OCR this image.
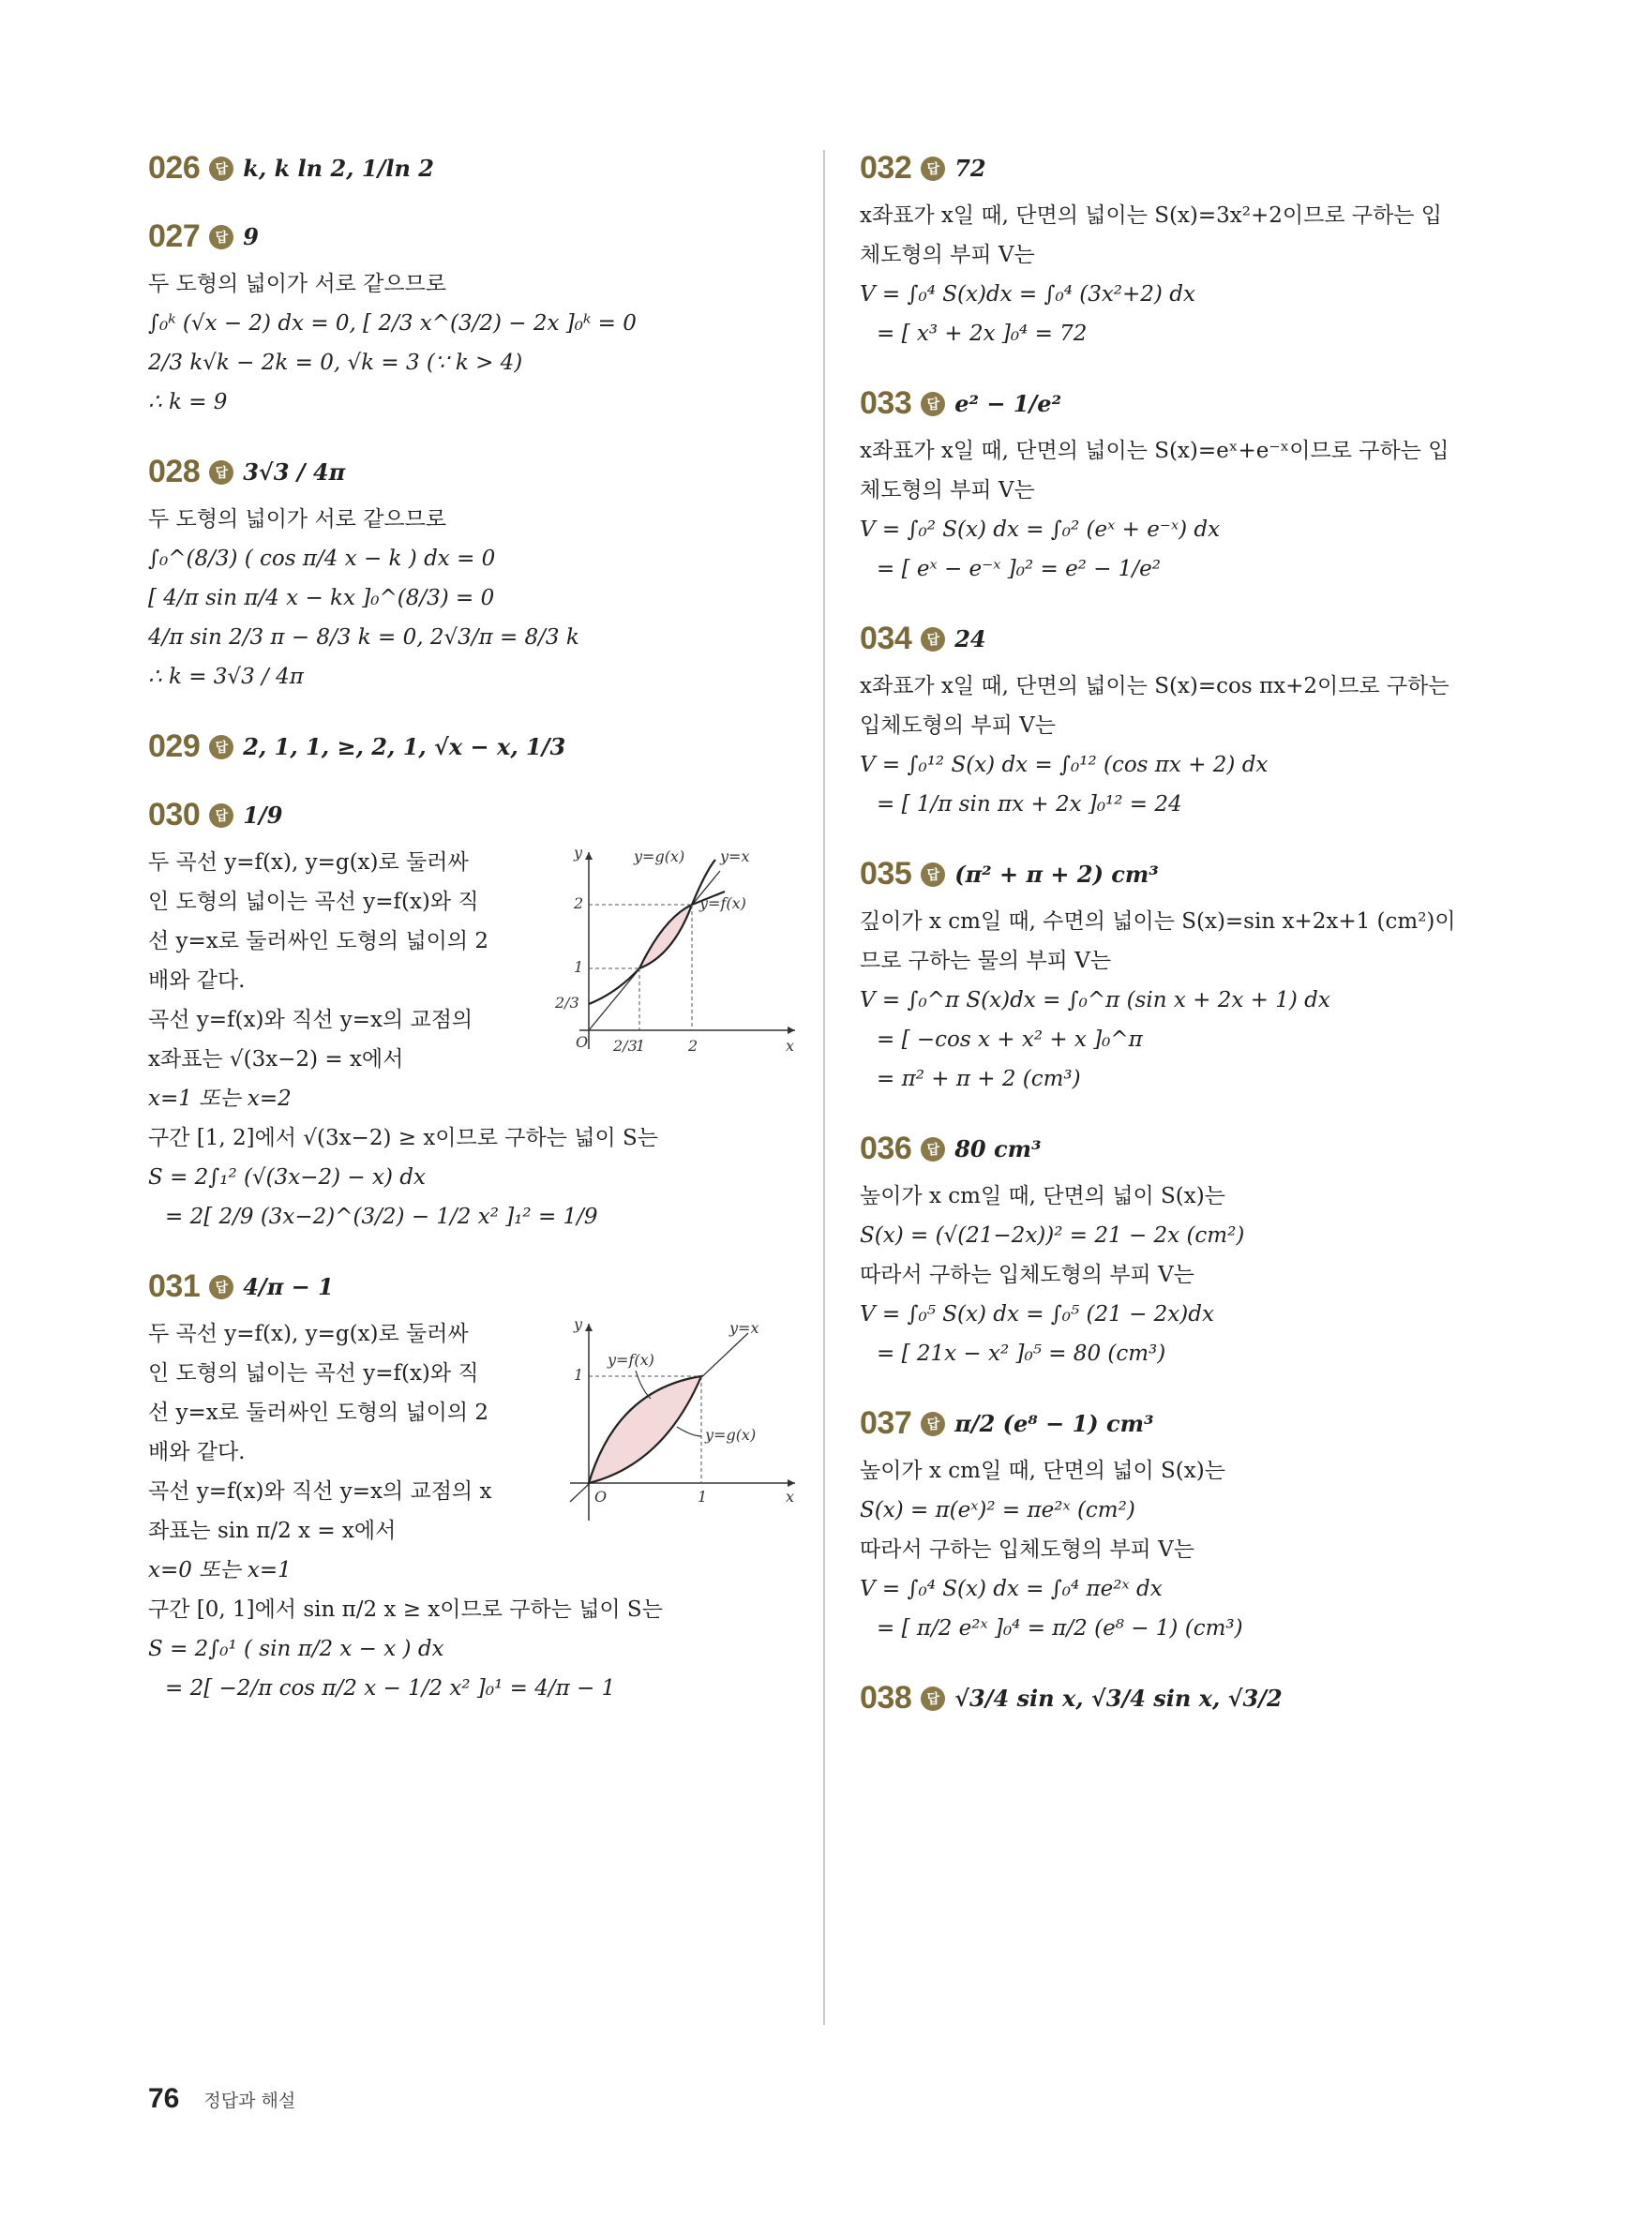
026	답 k, k ln 2, 1/ln 2
027	답 9
두 도형의 넓이가 서로 같으므로
∫₀ᵏ (√x − 2) dx = 0, [ 2/3 x^(3/2) − 2x ]₀ᵏ = 0
2/3 k√k − 2k = 0, √k = 3 (∵ k > 4)
∴ k = 9
028	답 3√3 / 4π
두 도형의 넓이가 서로 같으므로
∫₀^(8/3) ( cos π/4 x − k ) dx = 0
[ 4/π sin π/4 x − kx ]₀^(8/3) = 0
4/π sin 2/3 π − 8/3 k = 0, 2√3/π = 8/3 k
∴ k = 3√3 / 4π
029	답 2, 1, 1, ≥, 2, 1, √x − x, 1/3
030	답 1/9
두 곡선 y=f(x), y=g(x)로 둘러싸
인 도형의 넓이는 곡선 y=f(x)와 직
선 y=x로 둘러싸인 도형의 넓이의 2
배와 같다.
곡선 y=f(x)와 직선 y=x의 교점의
x좌표는 √(3x−2) = x에서
y
x
O
y=g(x) y=x
y=f(x)
2
1
2/3
2/3
1	2
x=1 또는 x=2
구간 [1, 2]에서 √(3x−2) ≥ x이므로 구하는 넓이 S는
S = 2∫₁² (√(3x−2) − x) dx
= 2[ 2/9 (3x−2)^(3/2) − 1/2 x² ]₁² = 1/9
031	답 4/π − 1
두 곡선 y=f(x), y=g(x)로 둘러싸
인 도형의 넓이는 곡선 y=f(x)와 직
선 y=x로 둘러싸인 도형의 넓이의 2
배와 같다.
곡선 y=f(x)와 직선 y=x의 교점의 x
좌표는 sin π/2 x = x에서
y
x
O
y=x
y=f(x)
y=g(x)
1
1
x=0 또는 x=1
구간 [0, 1]에서 sin π/2 x ≥ x이므로 구하는 넓이 S는
S = 2∫₀¹ ( sin π/2 x − x ) dx
= 2[ −2/π cos π/2 x − 1/2 x² ]₀¹ = 4/π − 1
032	답 72
x좌표가 x일 때, 단면의 넓이는 S(x)=3x²+2이므로 구하는 입
체도형의 부피 V는
V = ∫₀⁴ S(x)dx = ∫₀⁴ (3x²+2) dx
= [ x³ + 2x ]₀⁴ = 72
033	답 e² − 1/e²
x좌표가 x일 때, 단면의 넓이는 S(x)=eˣ+e⁻ˣ이므로 구하는 입
체도형의 부피 V는
V = ∫₀² S(x) dx = ∫₀² (eˣ + e⁻ˣ) dx
= [ eˣ − e⁻ˣ ]₀² = e² − 1/e²
034	답 24
x좌표가 x일 때, 단면의 넓이는 S(x)=cos πx+2이므로 구하는
입체도형의 부피 V는
V = ∫₀¹² S(x) dx = ∫₀¹² (cos πx + 2) dx
= [ 1/π sin πx + 2x ]₀¹² = 24
035	답 (π² + π + 2) cm³
깊이가 x cm일 때, 수면의 넓이는 S(x)=sin x+2x+1 (cm²)이
므로 구하는 물의 부피 V는
V = ∫₀^π S(x)dx = ∫₀^π (sin x + 2x + 1) dx
= [ −cos x + x² + x ]₀^π
= π² + π + 2 (cm³)
036	답 80 cm³
높이가 x cm일 때, 단면의 넓이 S(x)는
S(x) = (√(21−2x))² = 21 − 2x (cm²)
따라서 구하는 입체도형의 부피 V는
V = ∫₀⁵ S(x) dx = ∫₀⁵ (21 − 2x)dx
= [ 21x − x² ]₀⁵ = 80 (cm³)
037	답 π/2 (e⁸ − 1) cm³
높이가 x cm일 때, 단면의 넓이 S(x)는
S(x) = π(eˣ)² = πe²ˣ (cm²)
따라서 구하는 입체도형의 부피 V는
V = ∫₀⁴ S(x) dx = ∫₀⁴ πe²ˣ dx
= [ π/2 e²ˣ ]₀⁴ = π/2 (e⁸ − 1) (cm³)
038	답 √3/4 sin x, √3/4 sin x, √3/2
76 정답과 해설
